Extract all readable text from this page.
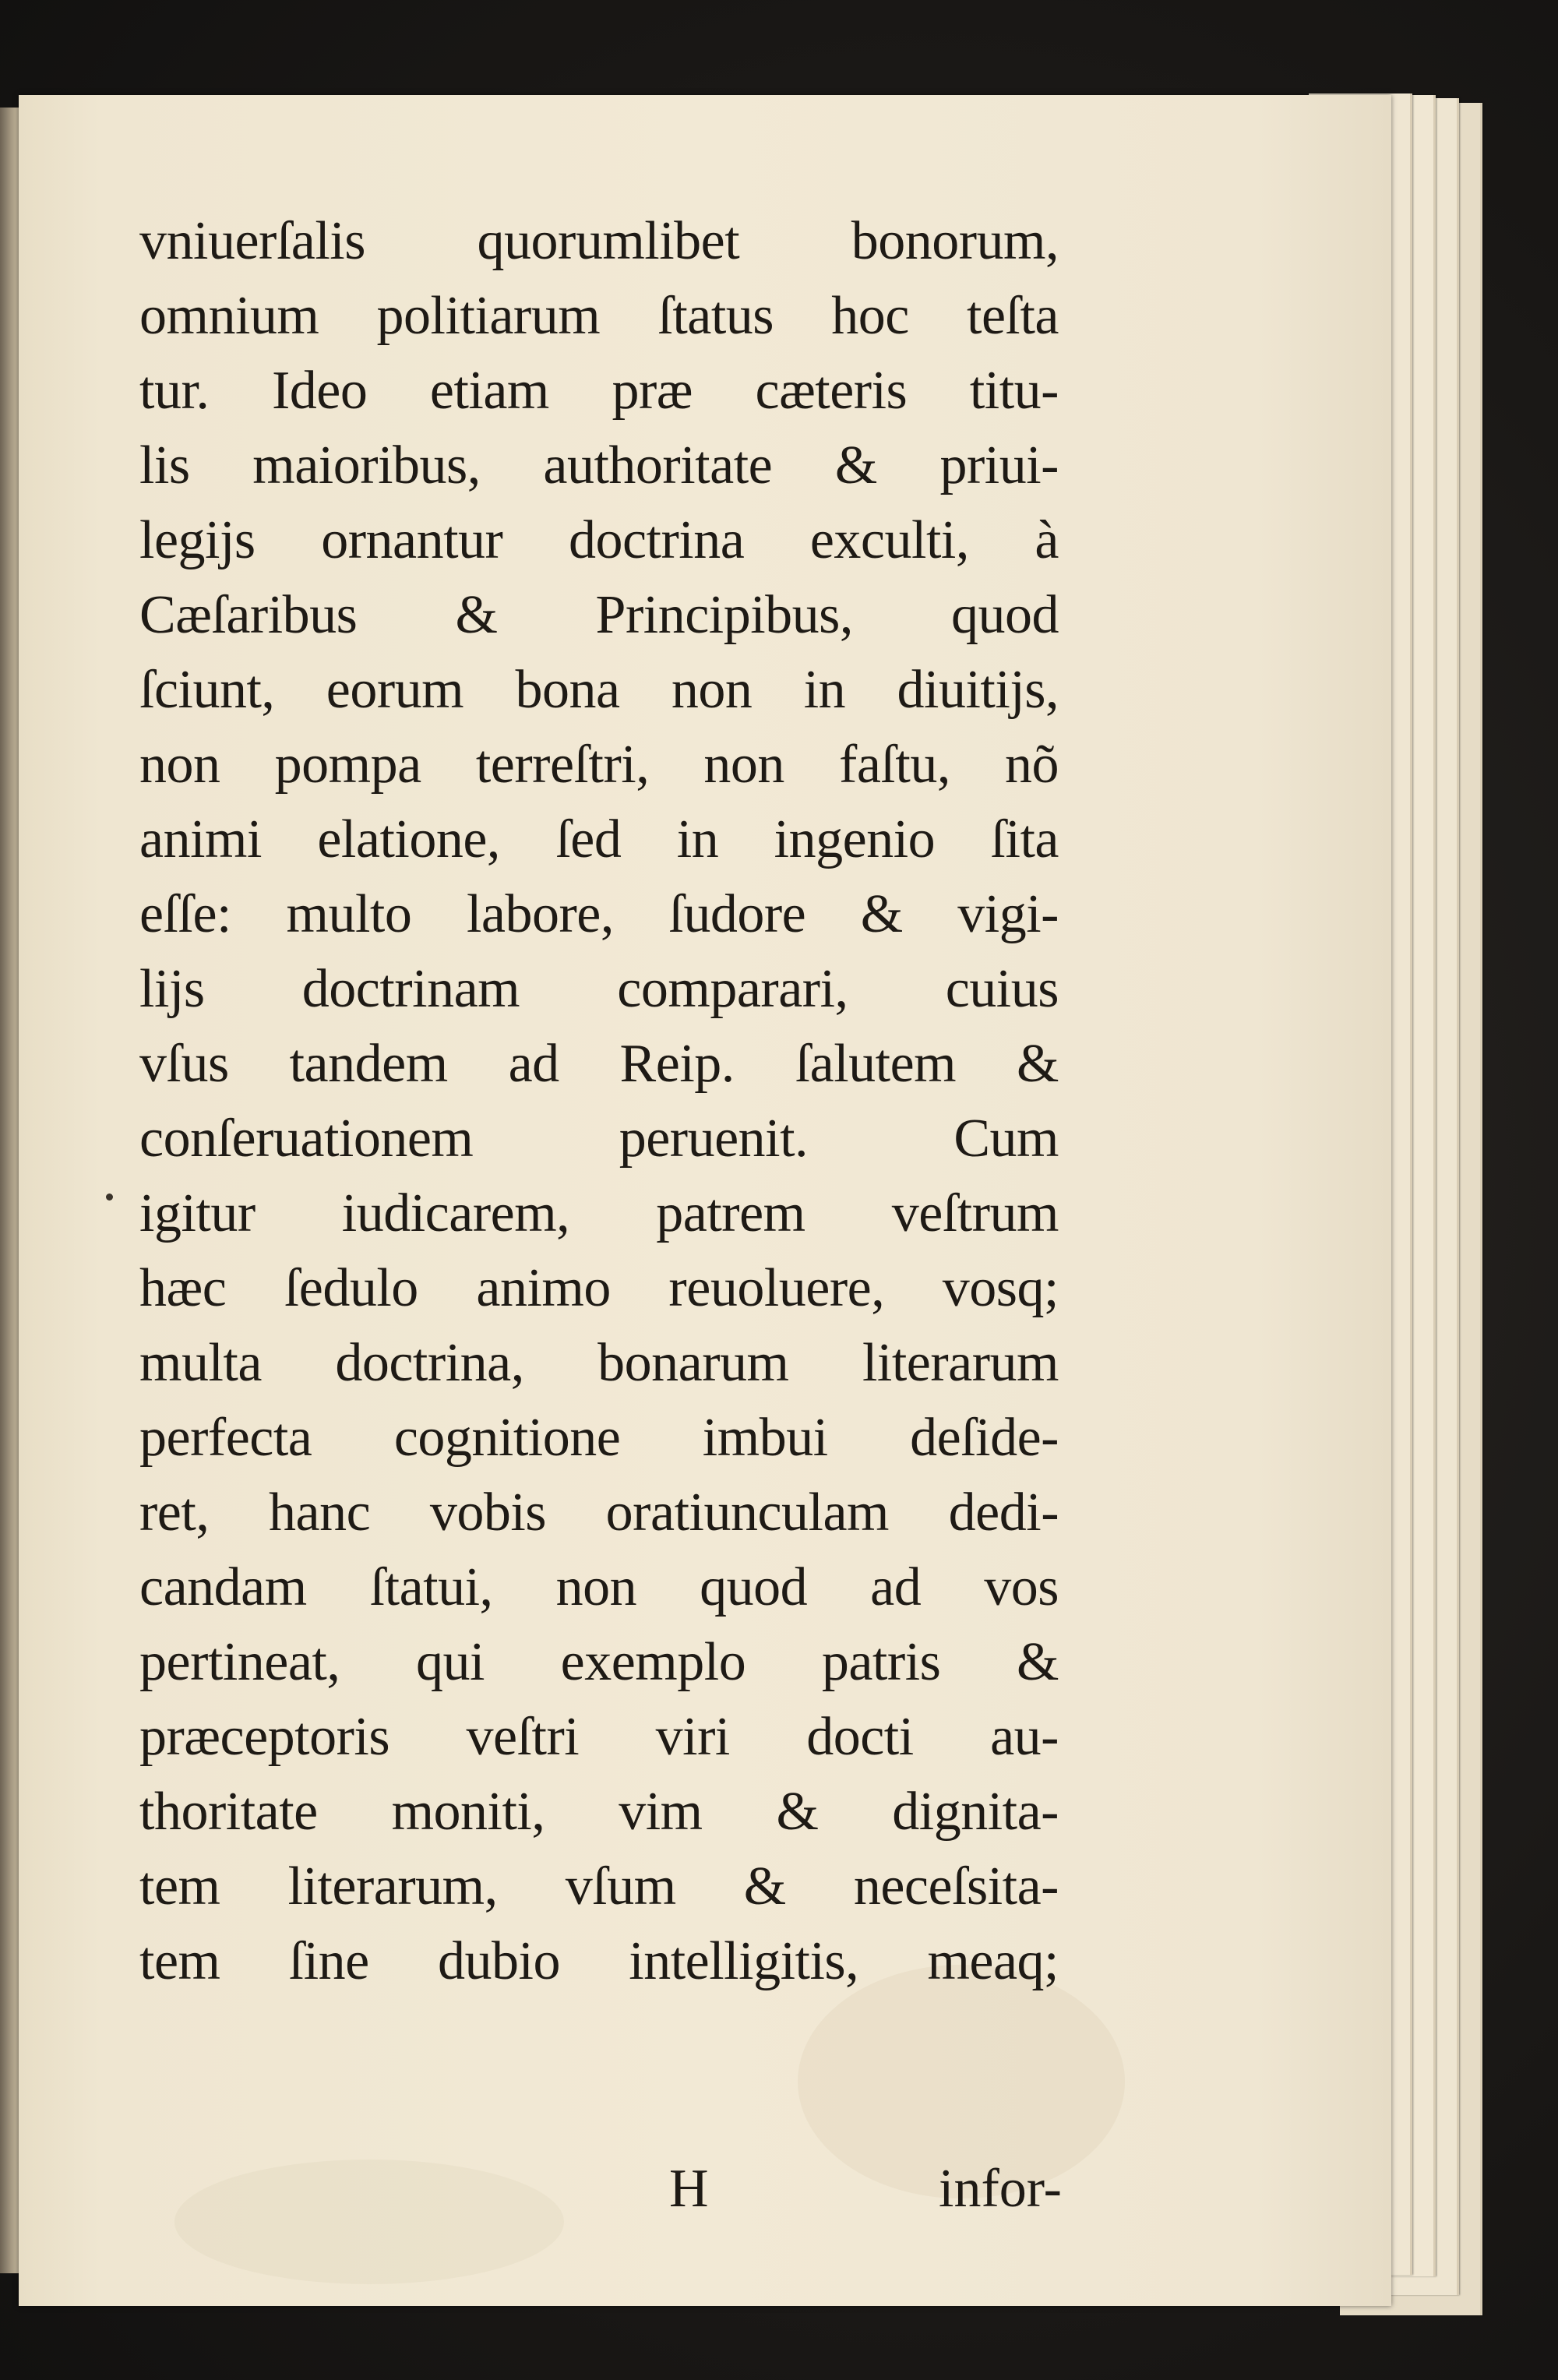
vniuerſalis quorumlibet bonorum,
omnium politiarum ſtatus hoc teſta
tur. Ideo etiam præ cæteris titu-
lis maioribus, authoritate & priui-
legijs ornantur doctrina exculti, à
Cæſaribus & Principibus, quod
ſciunt, eorum bona non in diuitijs,
non pompa terreſtri, non faſtu, nõ
animi elatione, ſed in ingenio ſita
eſſe: multo labore, ſudore & vigi-
lijs doctrinam comparari, cuius
vſus tandem ad Reip. ſalutem &
conſeruationem peruenit. Cum
igitur iudicarem, patrem veſtrum
hæc ſedulo animo reuoluere, vosq;
multa doctrina, bonarum literarum
perfecta cognitione imbui deſide-
ret, hanc vobis oratiunculam dedi-
candam ſtatui, non quod ad vos
pertineat, qui exemplo patris &
præceptoris veſtri viri docti au-
thoritate moniti, vim & dignita-
tem literarum, vſum & neceſsita-
tem ſine dubio intelligitis, meaq;
H	infor-
